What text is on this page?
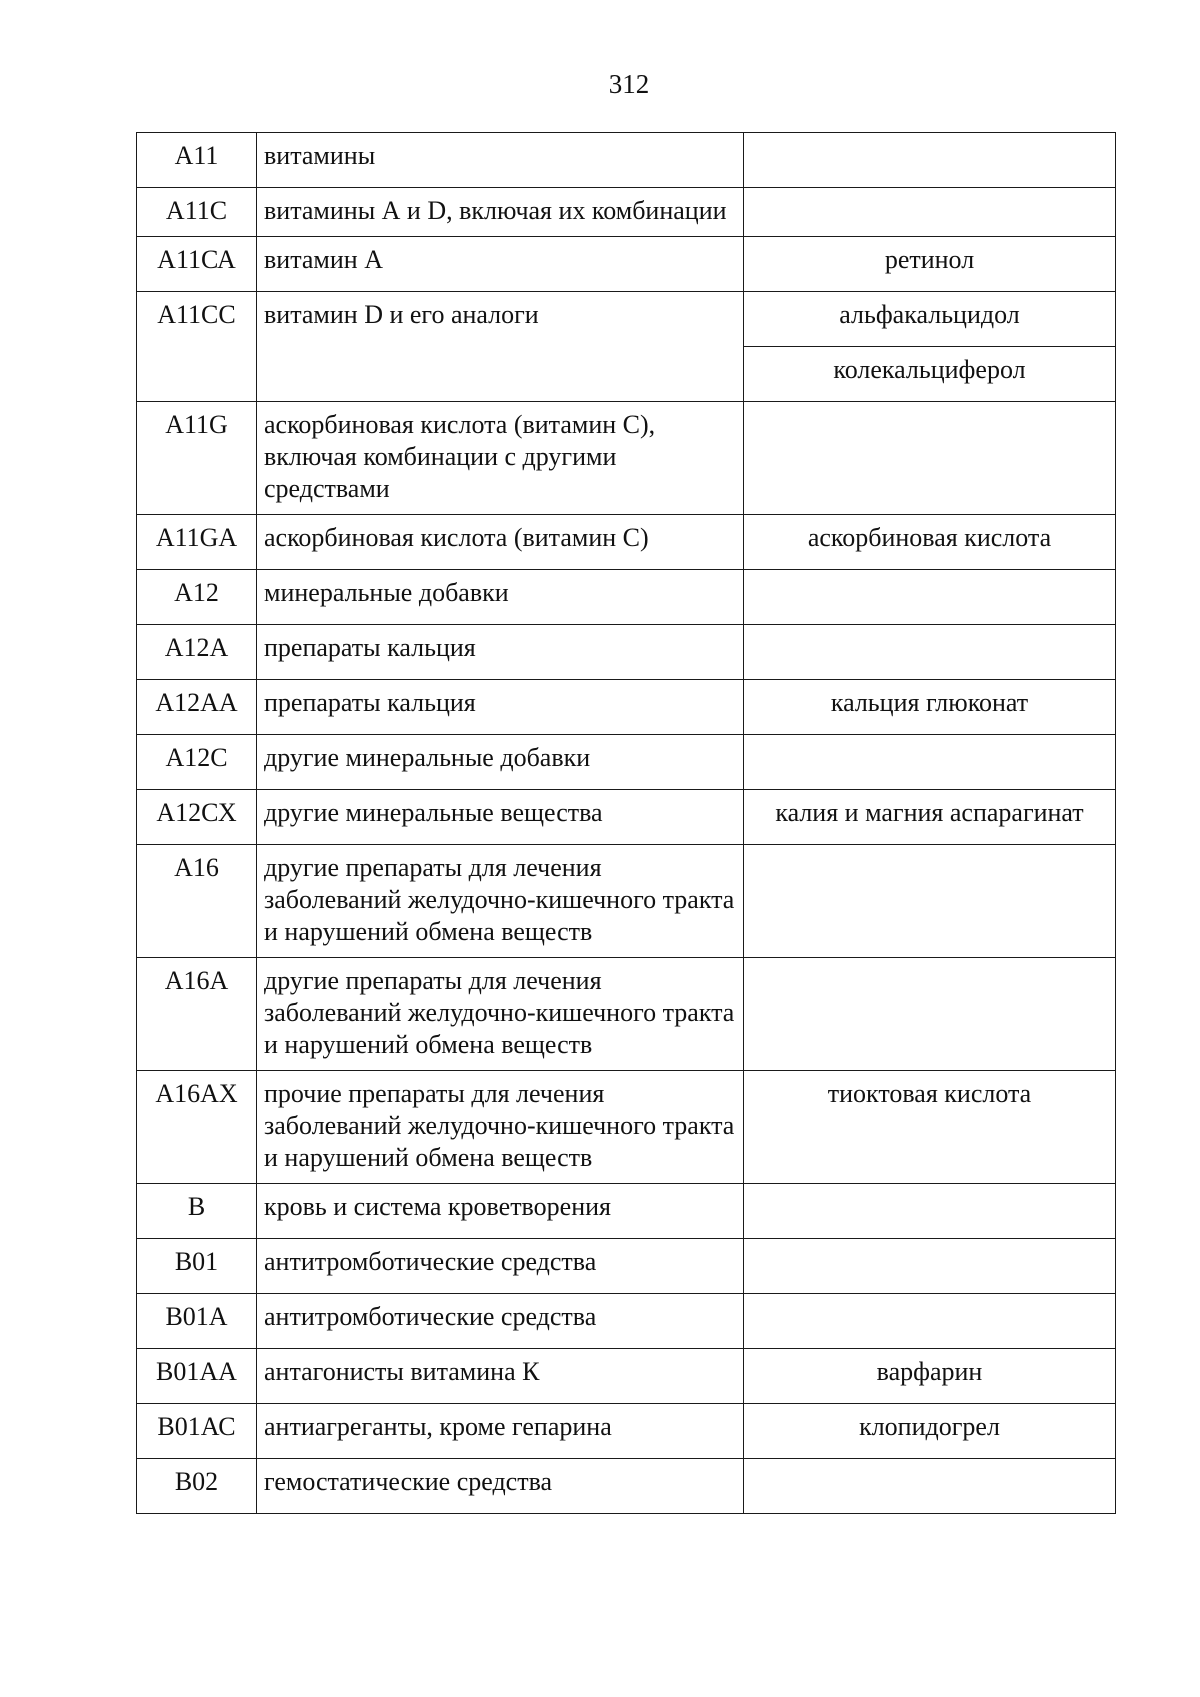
312
А11	витамины	
А11С	витамины А и D, включая их комбинации	
А11СА	витамин А	ретинол
А11СС	витамин D и его аналоги	альфакальцидол
		колекальциферол
А11G	аскорбиновая кислота (витамин С), включая комбинации с другими средствами	
А11GА	аскорбиновая кислота (витамин С)	аскорбиновая кислота
А12	минеральные добавки	
А12А	препараты кальция	
А12АА	препараты кальция	кальция глюконат
А12С	другие минеральные добавки	
А12СХ	другие минеральные вещества	калия и магния аспарагинат
А16	другие препараты для лечения заболеваний желудочно-кишечного тракта и нарушений обмена веществ	
А16А	другие препараты для лечения заболеваний желудочно-кишечного тракта и нарушений обмена веществ	
А16АХ	прочие препараты для лечения заболеваний желудочно-кишечного тракта и нарушений обмена веществ	тиоктовая кислота
В	кровь и система кроветворения	
В01	антитромботические средства	
В01А	антитромботические средства	
В01АА	антагонисты витамина К	варфарин
В01АС	антиагреганты, кроме гепарина	клопидогрел
В02	гемостатические средства	
